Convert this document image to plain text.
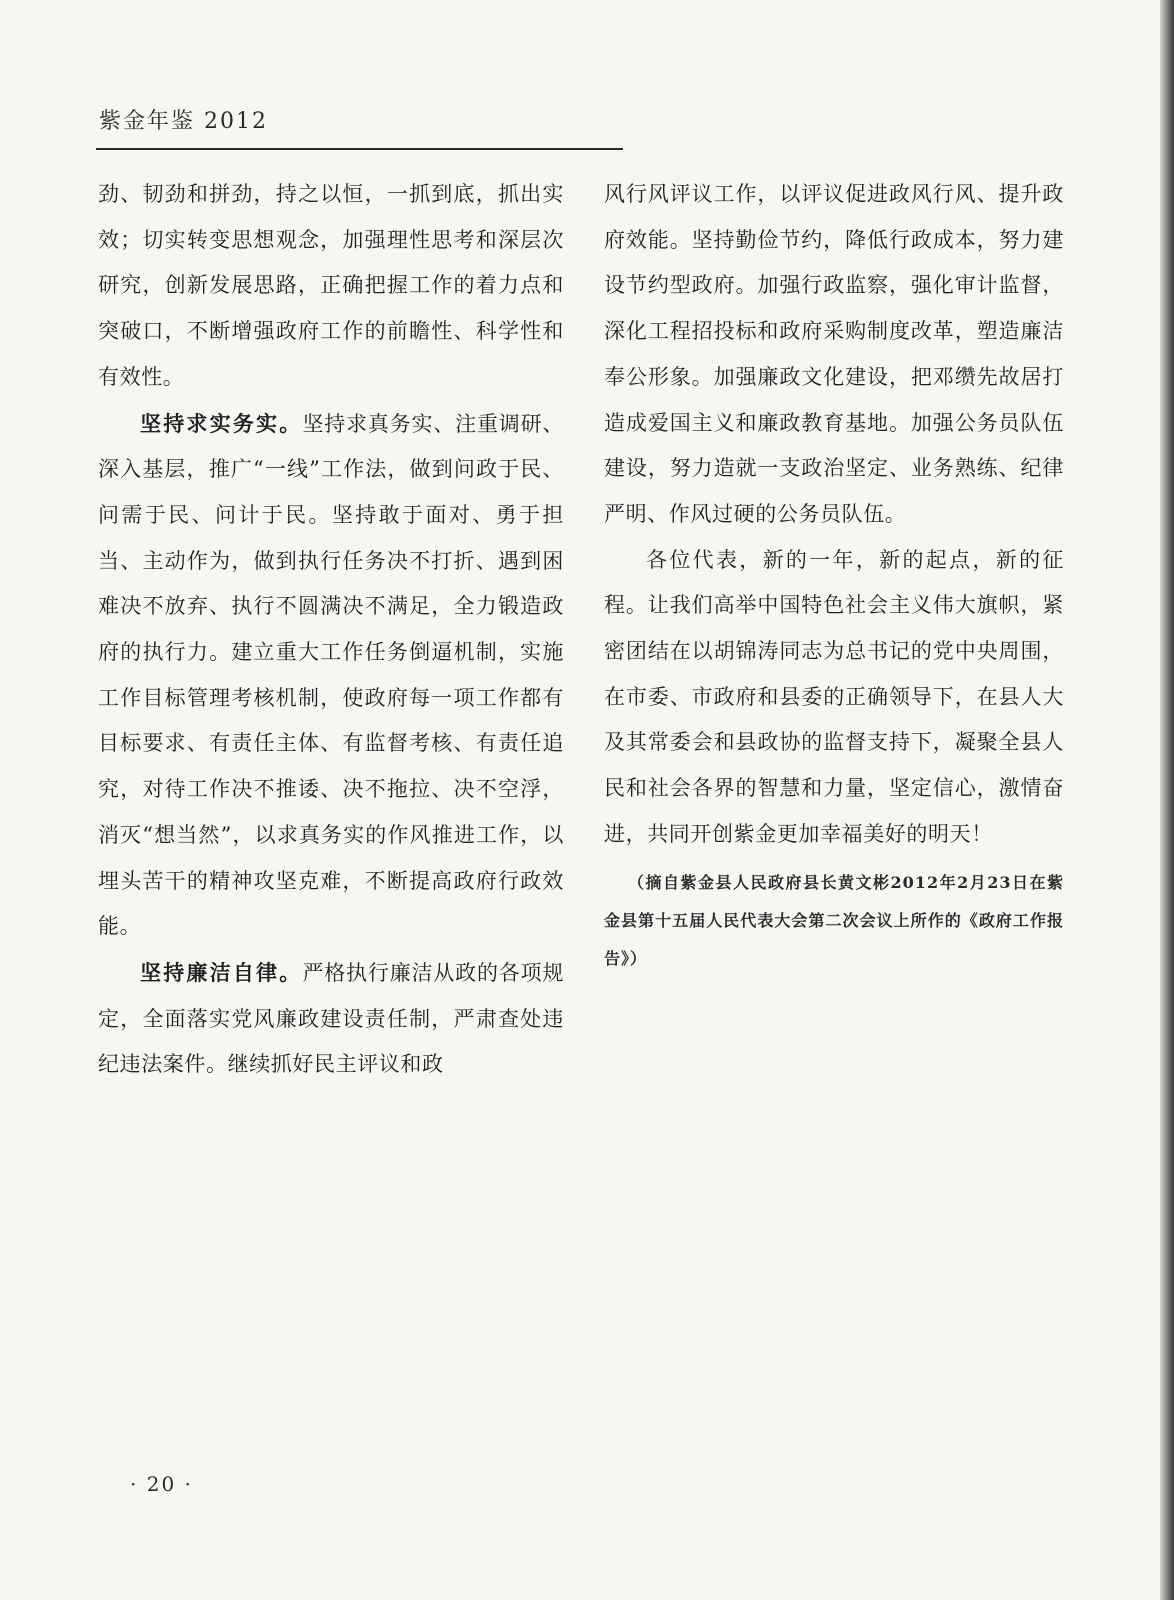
紫金年鉴 2012

劲、韧劲和拼劲，持之以恒，一抓到底，抓出实效；切实转变思想观念，加强理性思考和深层次研究，创新发展思路，正确把握工作的着力点和突破口，不断增强政府工作的前瞻性、科学性和有效性。

坚持求实务实。坚持求真务实、注重调研、深入基层，推广“一线”工作法，做到问政于民、问需于民、问计于民。坚持敢于面对、勇于担当、主动作为，做到执行任务决不打折、遇到困难决不放弃、执行不圆满决不满足，全力锻造政府的执行力。建立重大工作任务倒逼机制，实施工作目标管理考核机制，使政府每一项工作都有目标要求、有责任主体、有监督考核、有责任追究，对待工作决不推诿、决不拖拉、决不空浮，消灭“想当然”，以求真务实的作风推进工作，以埋头苦干的精神攻坚克难，不断提高政府行政效能。

坚持廉洁自律。严格执行廉洁从政的各项规定，全面落实党风廉政建设责任制，严肃查处违纪违法案件。继续抓好民主评议和政

风行风评议工作，以评议促进政风行风、提升政府效能。坚持勤俭节约，降低行政成本，努力建设节约型政府。加强行政监察，强化审计监督，深化工程招投标和政府采购制度改革，塑造廉洁奉公形象。加强廉政文化建设，把邓缵先故居打造成爱国主义和廉政教育基地。加强公务员队伍建设，努力造就一支政治坚定、业务熟练、纪律严明、作风过硬的公务员队伍。

各位代表，新的一年，新的起点，新的征程。让我们高举中国特色社会主义伟大旗帜，紧密团结在以胡锦涛同志为总书记的党中央周围，在市委、市政府和县委的正确领导下，在县人大及其常委会和县政协的监督支持下，凝聚全县人民和社会各界的智慧和力量，坚定信心，激情奋进，共同开创紫金更加幸福美好的明天！

（摘自紫金县人民政府县长黄文彬2012年2月23日在紫金县第十五届人民代表大会第二次会议上所作的《政府工作报告》）

· 20 ·
